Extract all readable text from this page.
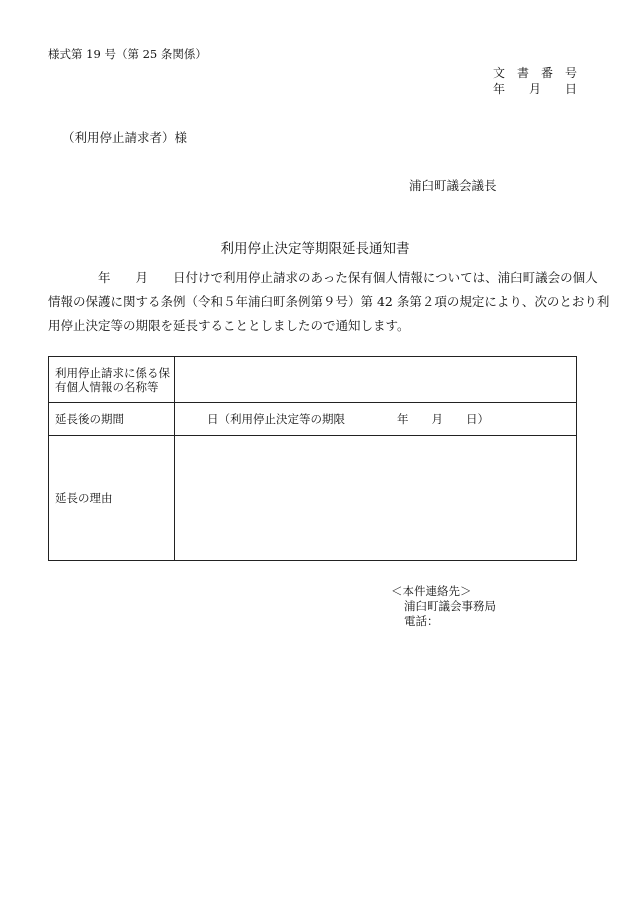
様式第 19 号（第 25 条関係）
文　書　番　号
年　　月　　日
（利用停止請求者）様
浦臼町議会議長
利用停止決定等期限延長通知書
　　　　年　　月　　日付けで利用停止請求のあった保有個人情報については、浦臼町議会の個人
情報の保護に関する条例（令和５年浦臼町条例第９号）第 42 条第２項の規定により、次のとおり利
用停止決定等の期限を延長することとしましたので通知します。
利用停止請求に係る保有個人情報の名称等	
延長後の期間	日（利用停止決定等の期限 年　　月　　日）

延長の理由	
＜本件連絡先＞
浦臼町議会事務局
電話：
